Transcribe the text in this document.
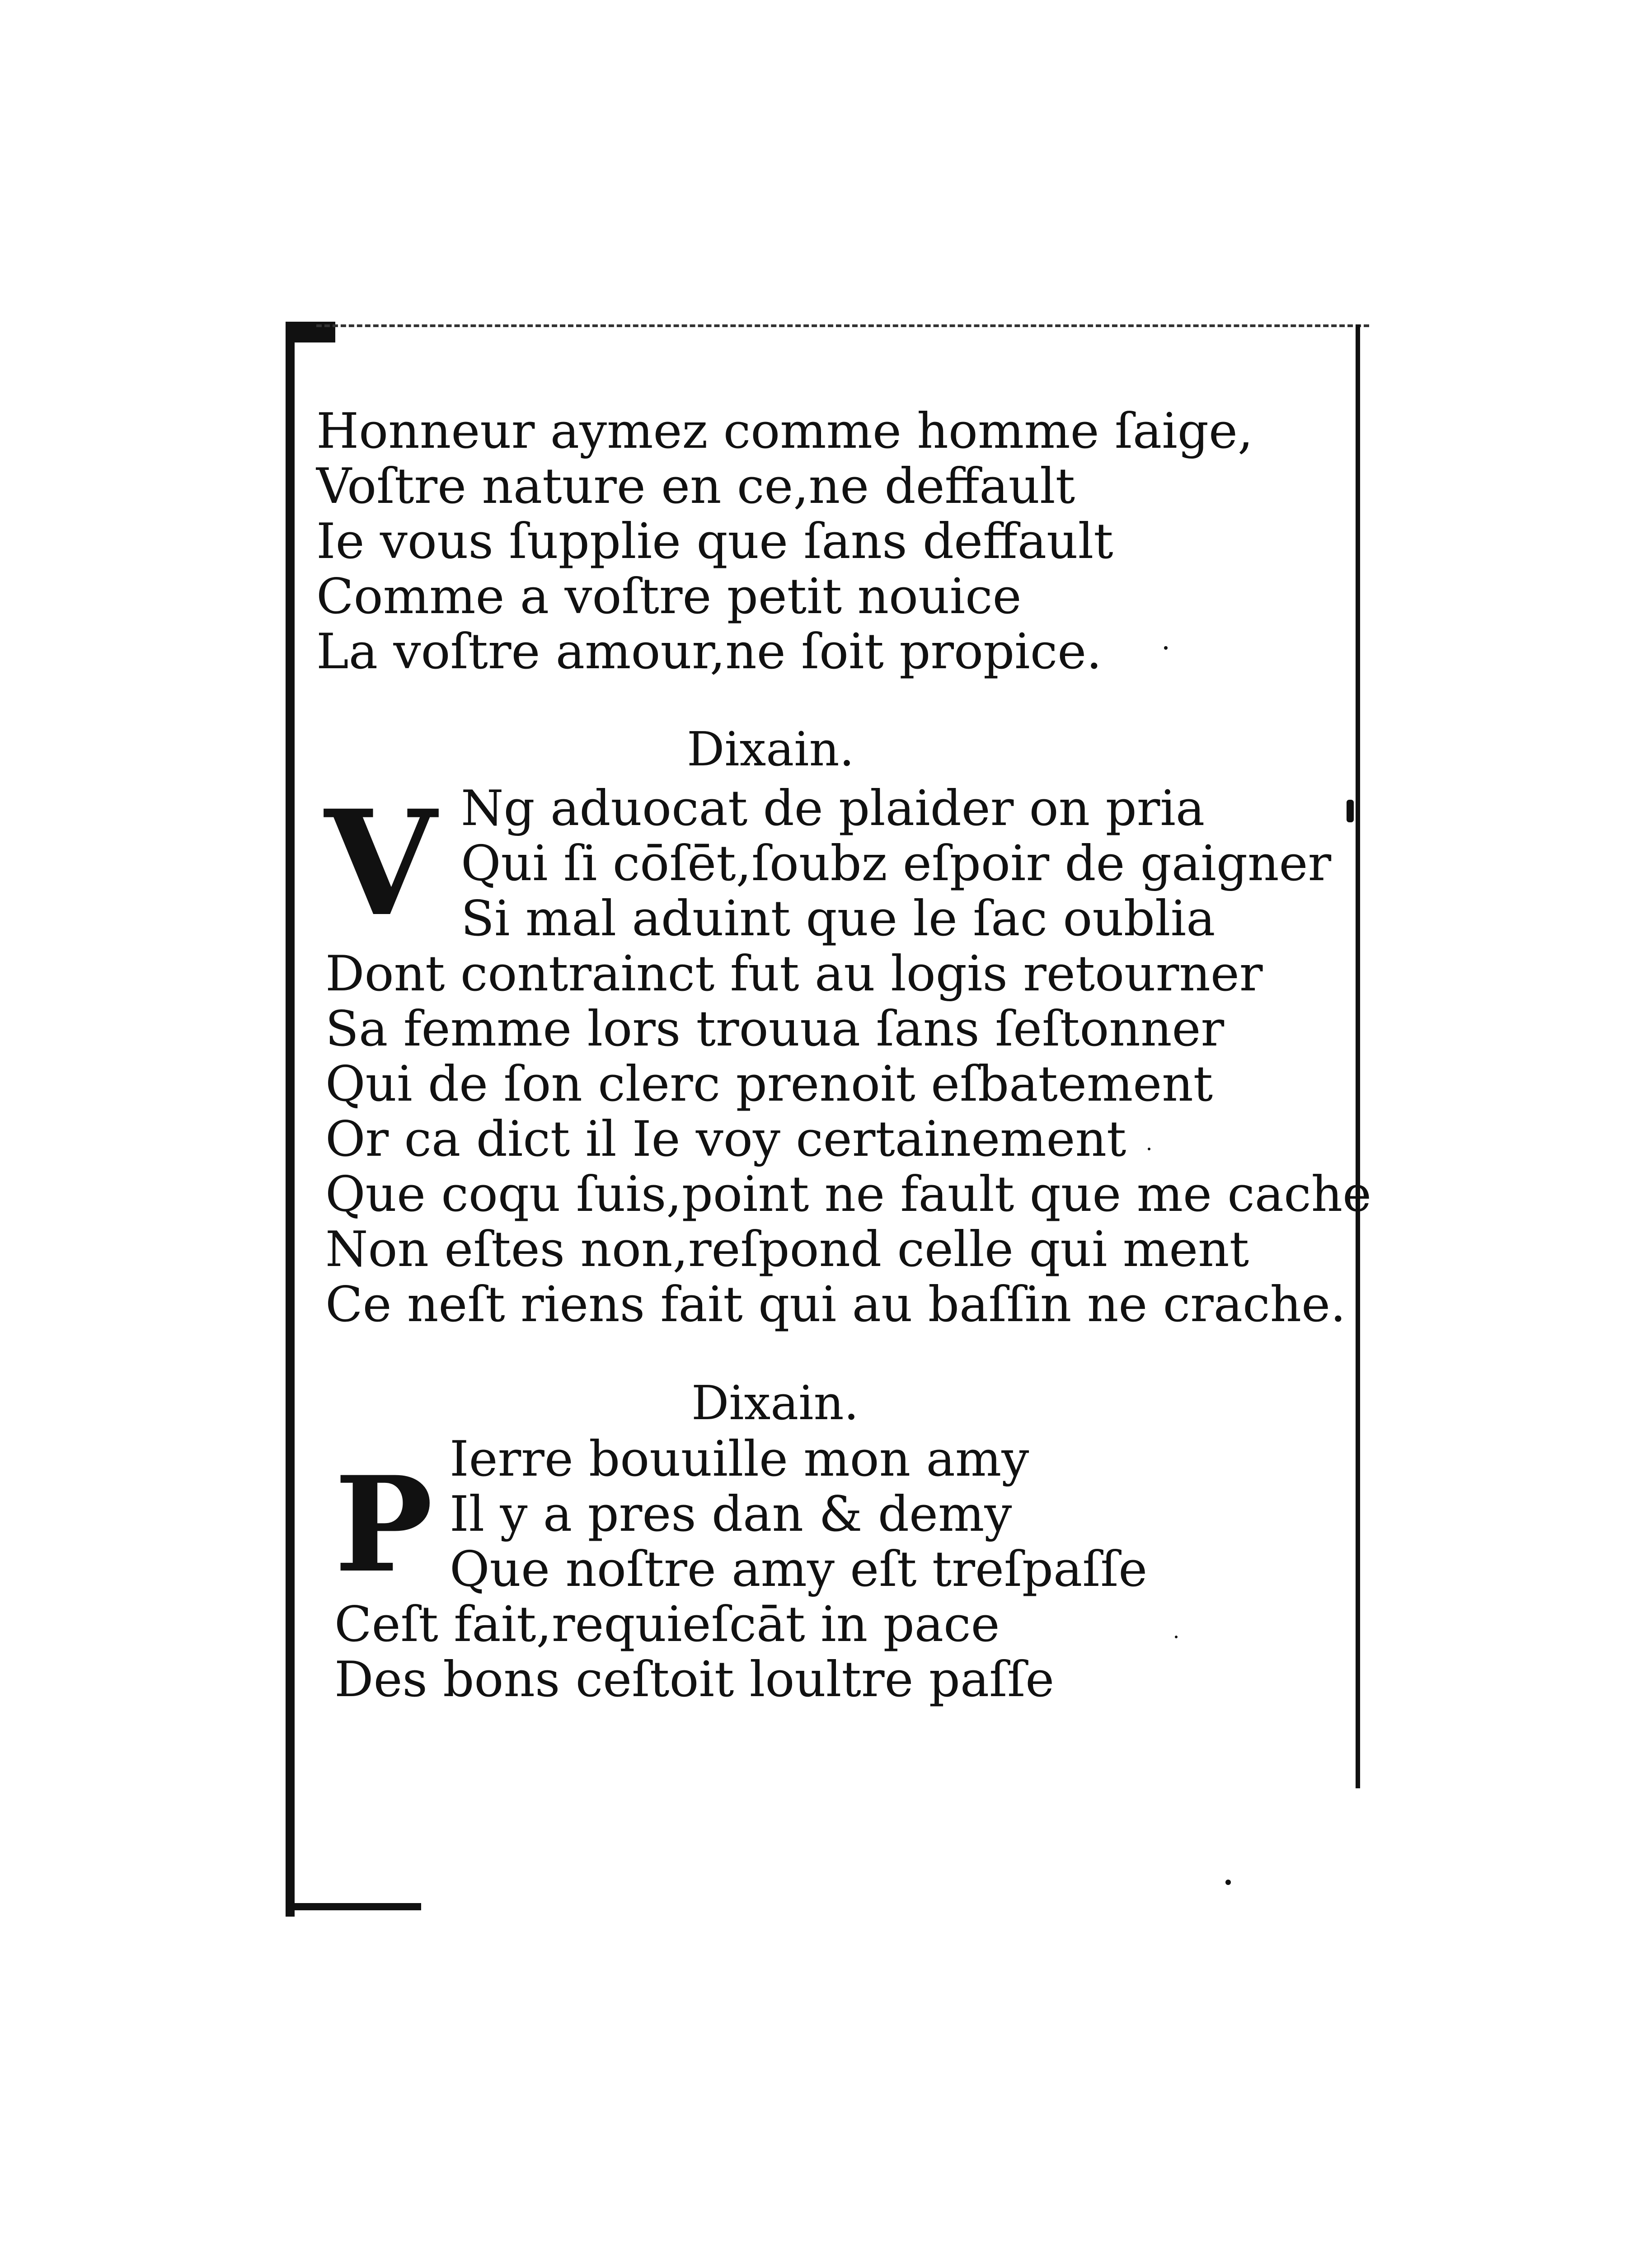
Honneur aymez comme homme ſaige,
Voſtre nature en ce,ne deffault
Ie vous ſupplie que ſans deffault
Comme a voſtre petit nouice
La voſtre amour,ne ſoit propice.
Dixain.
V Ng aduocat de plaider on pria
Qui ſi cōſēt,ſoubz eſpoir de gaigner
Si mal aduint que le ſac oublia
Dont contrainct fut au logis retourner
Sa femme lors trouua ſans ſeſtonner
Qui de ſon clerc prenoit eſbatement
Or ca dict il Ie voy certainement
Que coqu ſuis,point ne fault que me cache
Non eſtes non,reſpond celle qui ment
Ce neſt riens fait qui au baſſin ne crache.
Dixain.
P Ierre bouuille mon amy
Il y a pres dan & demy
Que noſtre amy eſt treſpaſſe
Ceſt fait,requieſcāt in pace
Des bons ceſtoit loultre paſſe
